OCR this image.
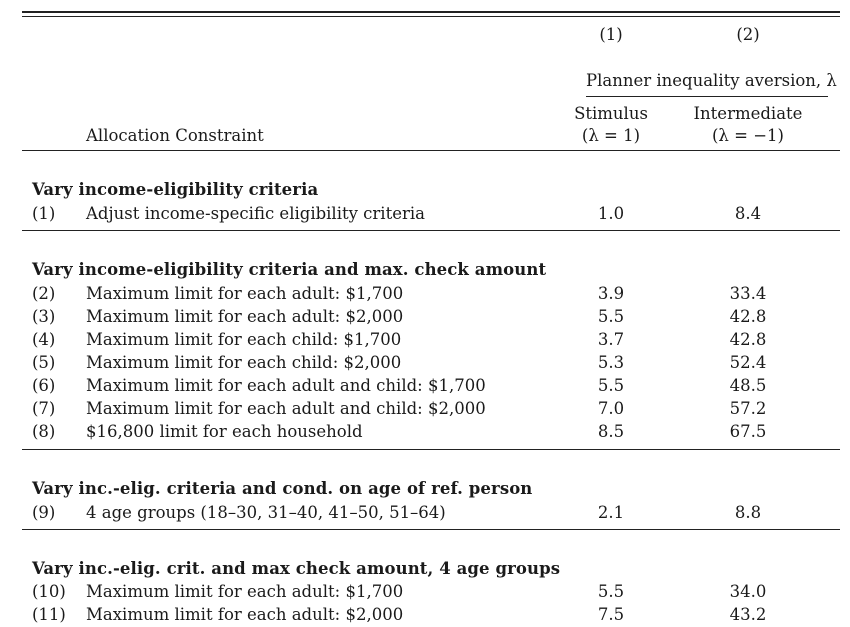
(1)	(2)
Planner inequality aversion, λ
Stimulus
(λ = 1)
Intermediate
(λ = −1)
Allocation Constraint
Vary income-eligibility criteria
(1) Adjust income-specific eligibility criteria	1.0	8.4
Vary income-eligibility criteria and max. check amount
(2) Maximum limit for each adult: $1,700	3.9	33.4
(3) Maximum limit for each adult: $2,000	5.5	42.8
(4) Maximum limit for each child: $1,700	3.7	42.8
(5) Maximum limit for each child: $2,000	5.3	52.4
(6) Maximum limit for each adult and child: $1,700	5.5	48.5
(7) Maximum limit for each adult and child: $2,000	7.0	57.2
(8) $16,800 limit for each household	8.5	67.5
Vary inc.-elig. criteria and cond. on age of ref. person
(9) 4 age groups (18–30, 31–40, 41–50, 51–64)	2.1	8.8
Vary inc.-elig. crit. and max check amount, 4 age groups
(10) Maximum limit for each adult: $1,700	5.5	34.0
(11) Maximum limit for each adult: $2,000	7.5	43.2
